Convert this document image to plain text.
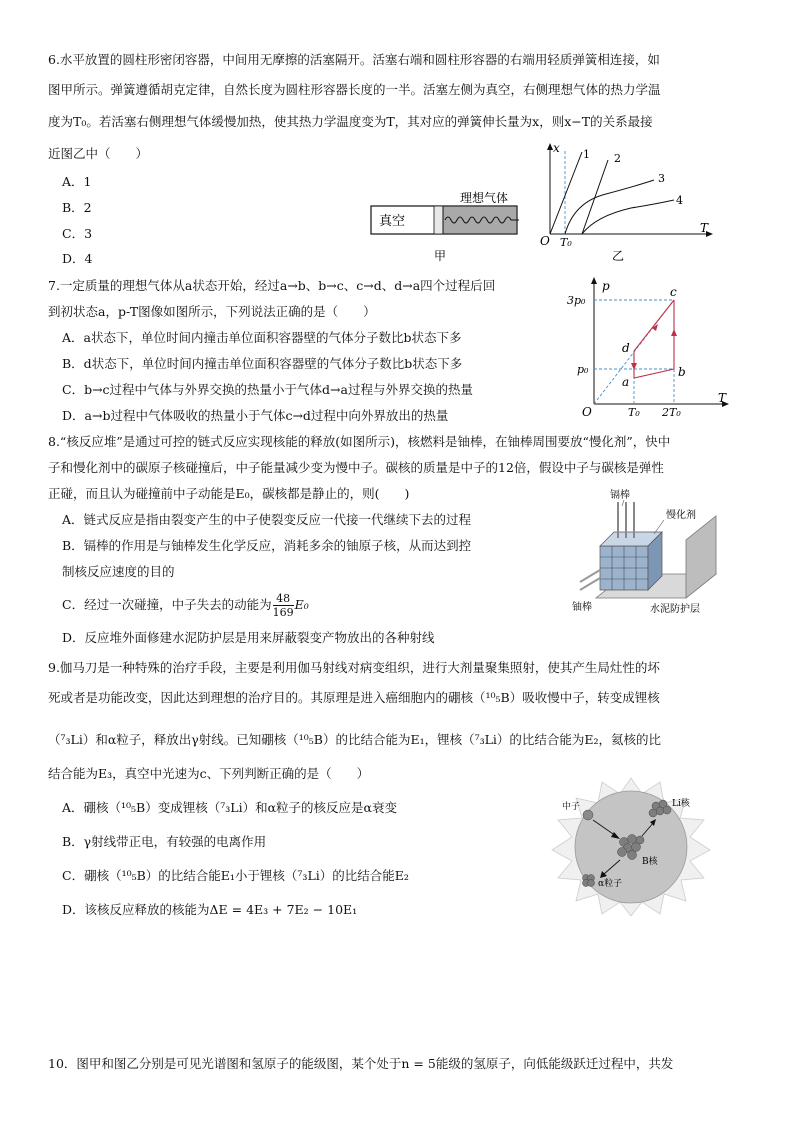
6.水平放置的圆柱形密闭容器，中间用无摩擦的活塞隔开。活塞右端和圆柱形容器的右端用轻质弹簧相连接，如
图甲所示。弹簧遵循胡克定律，自然长度为圆柱形容器长度的一半。活塞左侧为真空，右侧理想气体的热力学温
度为T₀。若活塞右侧理想气体缓慢加热，使其热力学温度变为T，其对应的弹簧伸长量为x，则x−T的关系最接
近图乙中（　　）
A．1
B．2
C．3
D．4
理想气体
真空
甲
x
T
O T₀
1 2
3
4
乙
7.一定质量的理想气体从a状态开始，经过a→b、b→c、c→d、d→a四个过程后回
到初状态a，p-T图像如图所示，下列说法正确的是（　　）
A．a状态下，单位时间内撞击单位面积容器壁的气体分子数比b状态下多
B．d状态下，单位时间内撞击单位面积容器壁的气体分子数比b状态下多
C．b→c过程中气体与外界交换的热量小于气体d→a过程与外界交换的热量
D．a→b过程中气体吸收的热量小于气体c→d过程中向外界放出的热量
p
T
O
3p₀
p₀
T₀ 2T₀
a
b
c
d
8.“核反应堆”是通过可控的链式反应实现核能的释放(如图所示)，核燃料是铀棒，在铀棒周围要放“慢化剂”，快中
子和慢化剂中的碳原子核碰撞后，中子能量减少变为慢中子。碳核的质量是中子的12倍，假设中子与碳核是弹性
正碰，而且认为碰撞前中子动能是E₀，碳核都是静止的，则(　　)
A．链式反应是指由裂变产生的中子使裂变反应一代接一代继续下去的过程
B．镉棒的作用是与铀棒发生化学反应，消耗多余的铀原子核，从而达到控
制核反应速度的目的
C．经过一次碰撞，中子失去的动能为 $\frac{48}{169} E_0$
D．反应堆外面修建水泥防护层是用来屏蔽裂变产物放出的各种射线
镉棒
慢化剂
铀棒	水泥防护层
9.伽马刀是一种特殊的治疗手段，主要是利用伽马射线对病变组织，进行大剂量聚集照射，使其产生局灶性的坏
死或者是功能改变，因此达到理想的治疗目的。其原理是进入癌细胞内的硼核（¹⁰₅B）吸收慢中子，转变成锂核
（⁷₃Li）和α粒子，释放出γ射线。已知硼核（¹⁰₅B）的比结合能为E₁，锂核（⁷₃Li）的比结合能为E₂，氦核的比
结合能为E₃，真空中光速为c、下列判断正确的是（　　）
A．硼核（¹⁰₅B）变成锂核（⁷₃Li）和α粒子的核反应是α衰变
B．γ射线带正电，有较强的电离作用
C．硼核（¹⁰₅B）的比结合能E₁小于锂核（⁷₃Li）的比结合能E₂
D．该核反应释放的核能为ΔE = 4E₃ + 7E₂ − 10E₁
中子
B核
Li核
α粒子
10．图甲和图乙分别是可见光谱图和氢原子的能级图，某个处于n = 5能级的氢原子，向低能级跃迁过程中，共发
